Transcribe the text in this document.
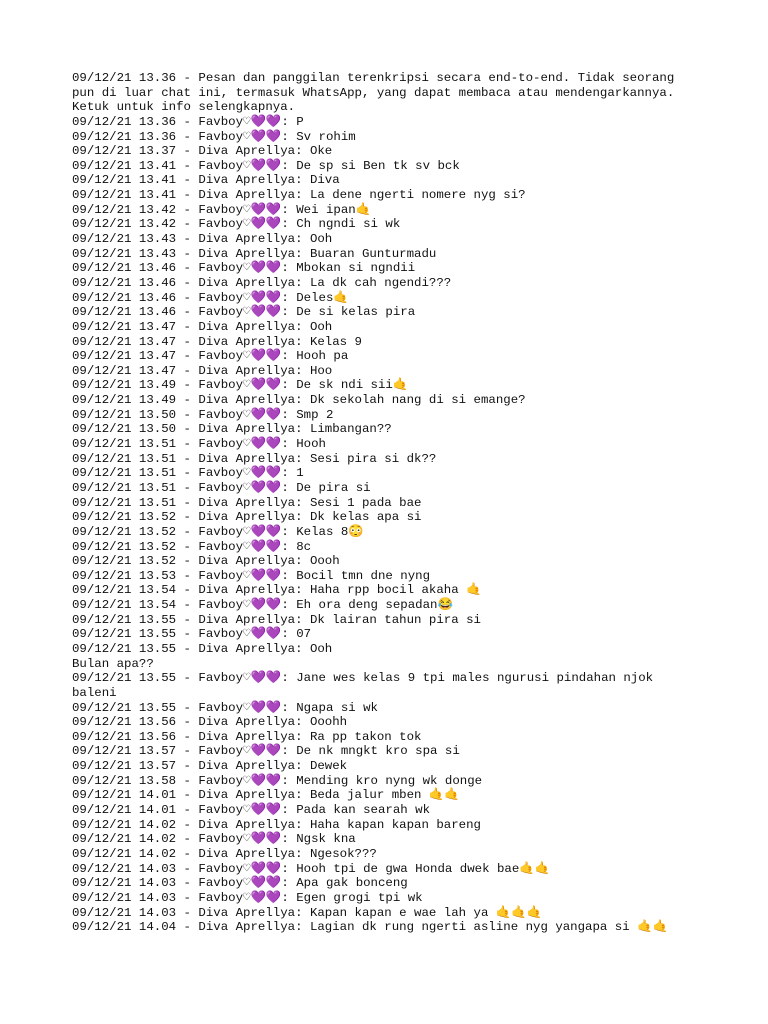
09/12/21 13.36 - Pesan dan panggilan terenkripsi secara end-to-end. Tidak seorang
pun di luar chat ini, termasuk WhatsApp, yang dapat membaca atau mendengarkannya.
Ketuk untuk info selengkapnya.
09/12/21 13.36 - Favboy♡💜💜: P
09/12/21 13.36 - Favboy♡💜💜: Sv rohim
09/12/21 13.37 - Diva Aprellya: Oke
09/12/21 13.41 - Favboy♡💜💜: De sp si Ben tk sv bck
09/12/21 13.41 - Diva Aprellya: Diva
09/12/21 13.41 - Diva Aprellya: La dene ngerti nomere nyg si?
09/12/21 13.42 - Favboy♡💜💜: Wei ipan🤙
09/12/21 13.42 - Favboy♡💜💜: Ch ngndi si wk
09/12/21 13.43 - Diva Aprellya: Ooh
09/12/21 13.43 - Diva Aprellya: Buaran Gunturmadu
09/12/21 13.46 - Favboy♡💜💜: Mbokan si ngndii
09/12/21 13.46 - Diva Aprellya: La dk cah ngendi???
09/12/21 13.46 - Favboy♡💜💜: Deles🤙
09/12/21 13.46 - Favboy♡💜💜: De si kelas pira
09/12/21 13.47 - Diva Aprellya: Ooh
09/12/21 13.47 - Diva Aprellya: Kelas 9
09/12/21 13.47 - Favboy♡💜💜: Hooh pa
09/12/21 13.47 - Diva Aprellya: Hoo
09/12/21 13.49 - Favboy♡💜💜: De sk ndi sii🤙
09/12/21 13.49 - Diva Aprellya: Dk sekolah nang di si emange?
09/12/21 13.50 - Favboy♡💜💜: Smp 2
09/12/21 13.50 - Diva Aprellya: Limbangan??
09/12/21 13.51 - Favboy♡💜💜: Hooh
09/12/21 13.51 - Diva Aprellya: Sesi pira si dk??
09/12/21 13.51 - Favboy♡💜💜: 1
09/12/21 13.51 - Favboy♡💜💜: De pira si
09/12/21 13.51 - Diva Aprellya: Sesi 1 pada bae
09/12/21 13.52 - Diva Aprellya: Dk kelas apa si
09/12/21 13.52 - Favboy♡💜💜: Kelas 8😳
09/12/21 13.52 - Favboy♡💜💜: 8c
09/12/21 13.52 - Diva Aprellya: Oooh
09/12/21 13.53 - Favboy♡💜💜: Bocil tmn dne nyng
09/12/21 13.54 - Diva Aprellya: Haha rpp bocil akaha 🤙
09/12/21 13.54 - Favboy♡💜💜: Eh ora deng sepadan😂
09/12/21 13.55 - Diva Aprellya: Dk lairan tahun pira si
09/12/21 13.55 - Favboy♡💜💜: 07
09/12/21 13.55 - Diva Aprellya: Ooh
Bulan apa??
09/12/21 13.55 - Favboy♡💜💜: Jane wes kelas 9 tpi males ngurusi pindahan njok
baleni
09/12/21 13.55 - Favboy♡💜💜: Ngapa si wk
09/12/21 13.56 - Diva Aprellya: Ooohh
09/12/21 13.56 - Diva Aprellya: Ra pp takon tok
09/12/21 13.57 - Favboy♡💜💜: De nk mngkt kro spa si
09/12/21 13.57 - Diva Aprellya: Dewek
09/12/21 13.58 - Favboy♡💜💜: Mending kro nyng wk donge
09/12/21 14.01 - Diva Aprellya: Beda jalur mben 🤙🤙
09/12/21 14.01 - Favboy♡💜💜: Pada kan searah wk
09/12/21 14.02 - Diva Aprellya: Haha kapan kapan bareng
09/12/21 14.02 - Favboy♡💜💜: Ngsk kna
09/12/21 14.02 - Diva Aprellya: Ngesok???
09/12/21 14.03 - Favboy♡💜💜: Hooh tpi de gwa Honda dwek bae🤙🤙
09/12/21 14.03 - Favboy♡💜💜: Apa gak bonceng
09/12/21 14.03 - Favboy♡💜💜: Egen grogi tpi wk
09/12/21 14.03 - Diva Aprellya: Kapan kapan e wae lah ya 🤙🤙🤙
09/12/21 14.04 - Diva Aprellya: Lagian dk rung ngerti asline nyg yangapa si 🤙🤙
